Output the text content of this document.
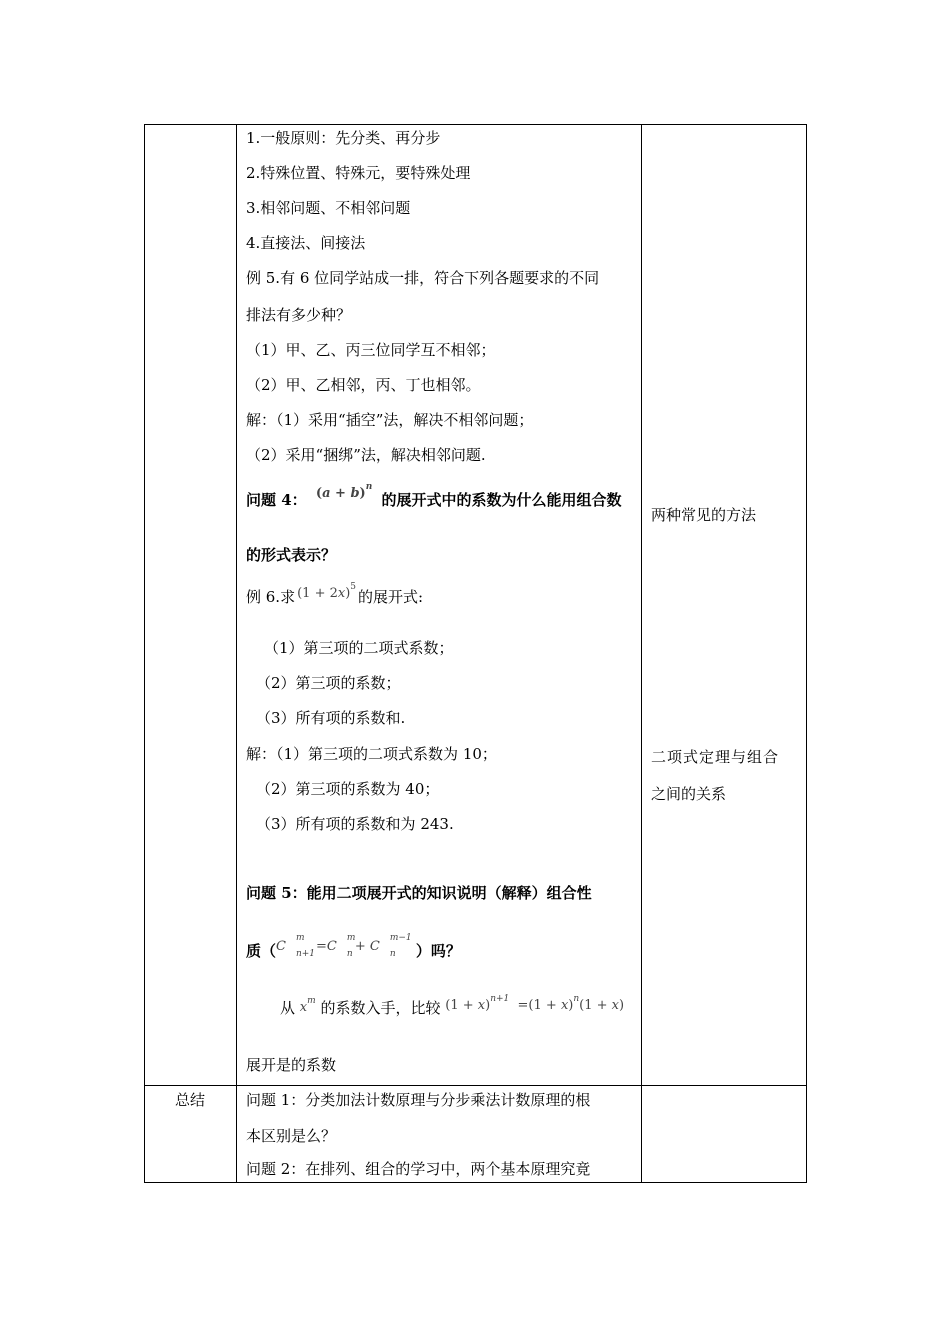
1.一般原则：先分类、再分步
2.特殊位置、特殊元，要特殊处理
3.相邻问题、不相邻问题
4.直接法、间接法
例 5.有 6 位同学站成一排，符合下列各题要求的不同
排法有多少种？
（1）甲、乙、丙三位同学互不相邻；
（2）甲、乙相邻，丙、丁也相邻。
解：（1）采用“插空”法，解决不相邻问题；
（2）采用“捆绑”法，解决相邻问题.
问题 4： $(a + b)^n$ 的展开式中的系数为什么能用组合数
的形式表示？
例 6.求 $(1 + 2x)^5$的展开式:
（1）第三项的二项式系数；
（2）第三项的系数；
（3）所有项的系数和.
解：（1）第三项的二项式系数为 10；
（2）第三项的系数为 40；
（3）所有项的系数和为 243.
问题 5：能用二项展开式的知识说明（解释）组合性
质（C
m
n+1 =C
m
n + C
m−1
n ）吗？
从 $x^m$ 的系数入手，比较 $(1 + x)^{n+1} =(1 + x)^n(1 + x)$
展开是的系数
两种常见的方法
二项式定理与组合
之间的关系
总结	问题 1：分类加法计数原理与分步乘法计数原理的根
本区别是么？
问题 2：在排列、组合的学习中，两个基本原理究竟
